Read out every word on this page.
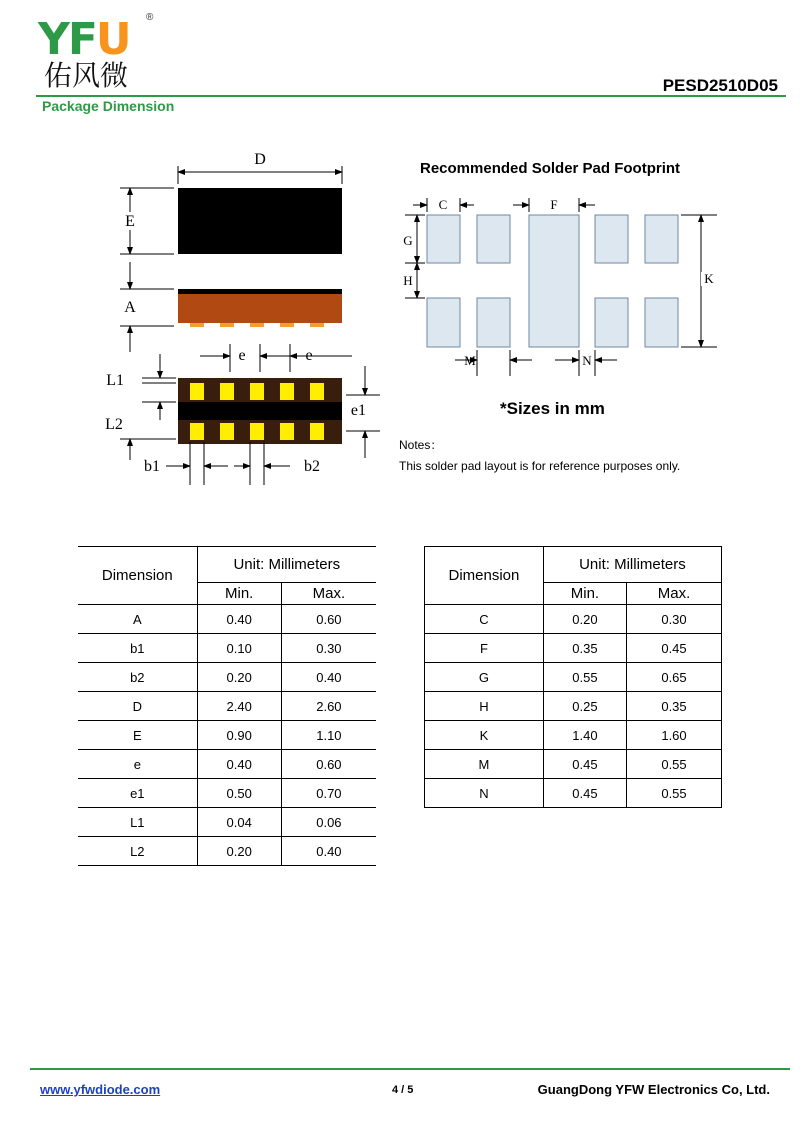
YFU ®
佑风微	PESD2510D05
Package Dimension
D
E
A
e	e
L1
L2
e1
b1	b2
Recommended Solder Pad Footprint
C	F
G
H	K
M	N
*Sizes in mm
Notes：
This solder pad layout is for reference purposes only.
Dimension	Unit: Millimeters	
	Min.	Max.
A	0.40	0.60
b1	0.10	0.30
b2	0.20	0.40
D	2.40	2.60
E	0.90	1.10
e	0.40	0.60
e1	0.50	0.70
L1	0.04	0.06
L2	0.20	0.40
Dimension	Unit: Millimeters	
	Min.	Max.
C	0.20	0.30
F	0.35	0.45
G	0.55	0.65
H	0.25	0.35
K	1.40	1.60
M	0.45	0.55
N	0.45	0.55
www.yfwdiode.com	4 / 5	GuangDong YFW Electronics Co, Ltd.
